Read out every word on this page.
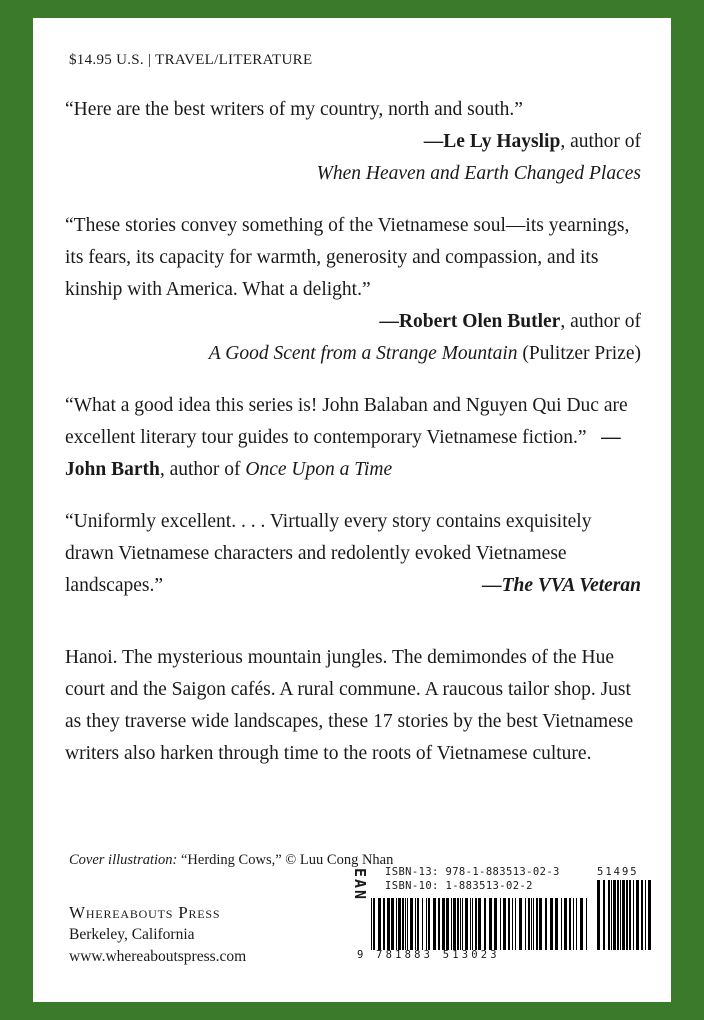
$14.95 U.S. | TRAVEL/LITERATURE
“Here are the best writers of my country, north and south.”
—Le Ly Hayslip, author of
When Heaven and Earth Changed Places
“These stories convey something of the Vietnamese soul—its yearnings, its fears, its capacity for warmth, generosity and compassion, and its kinship with America. What a delight.”
—Robert Olen Butler, author of
A Good Scent from a Strange Mountain (Pulitzer Prize)
“What a good idea this series is! John Balaban and Nguyen Qui Duc are excellent literary tour guides to contemporary Vietnamese fiction.” —John Barth, author of Once Upon a Time
“Uniformly excellent. . . . Virtually every story contains exquisitely drawn Vietnamese characters and redolently evoked Vietnamese landscapes.”	—The VVA Veteran
Hanoi. The mysterious mountain jungles. The demimondes of the Hue court and the Saigon cafés. A rural commune. A raucous tailor shop. Just as they traverse wide landscapes, these 17 stories by the best Vietnamese writers also harken through time to the roots of Vietnamese culture.
Cover illustration: “Herding Cows,” © Luu Cong Nhan
Whereabouts Press
Berkeley, California
www.whereaboutspress.com
EAN ISBN-13: 978-1-883513-02-3
ISBN-10: 1-883513-02-2
51495
9 781883 513023
